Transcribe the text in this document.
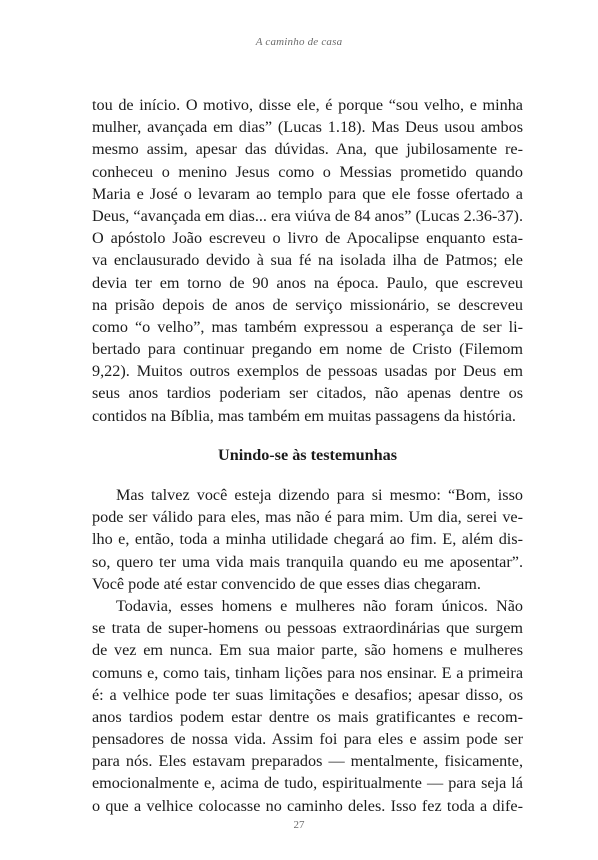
A caminho de casa
tou de início. O motivo, disse ele, é porque “sou velho, e minha
mulher, avançada em dias” (Lucas 1.18). Mas Deus usou ambos
mesmo assim, apesar das dúvidas. Ana, que jubilosamente re-
conheceu o menino Jesus como o Messias prometido quando
Maria e José o levaram ao templo para que ele fosse ofertado a
Deus, “avançada em dias... era viúva de 84 anos” (Lucas 2.36-37).
O apóstolo João escreveu o livro de Apocalipse enquanto esta-
va enclausurado devido à sua fé na isolada ilha de Patmos; ele
devia ter em torno de 90 anos na época. Paulo, que escreveu
na prisão depois de anos de serviço missionário, se descreveu
como “o velho”, mas também expressou a esperança de ser li-
bertado para continuar pregando em nome de Cristo (Filemom
9,22). Muitos outros exemplos de pessoas usadas por Deus em
seus anos tardios poderiam ser citados, não apenas dentre os
contidos na Bíblia, mas também em muitas passagens da história.
Unindo-se às testemunhas
Mas talvez você esteja dizendo para si mesmo: “Bom, isso
pode ser válido para eles, mas não é para mim. Um dia, serei ve-
lho e, então, toda a minha utilidade chegará ao fim. E, além dis-
so, quero ter uma vida mais tranquila quando eu me aposentar”.
Você pode até estar convencido de que esses dias chegaram.
Todavia, esses homens e mulheres não foram únicos. Não
se trata de super-homens ou pessoas extraordinárias que surgem
de vez em nunca. Em sua maior parte, são homens e mulheres
comuns e, como tais, tinham lições para nos ensinar. E a primeira
é: a velhice pode ter suas limitações e desafios; apesar disso, os
anos tardios podem estar dentre os mais gratificantes e recom-
pensadores de nossa vida. Assim foi para eles e assim pode ser
para nós. Eles estavam preparados — mentalmente, fisicamente,
emocionalmente e, acima de tudo, espiritualmente — para seja lá
o que a velhice colocasse no caminho deles. Isso fez toda a dife-
27
